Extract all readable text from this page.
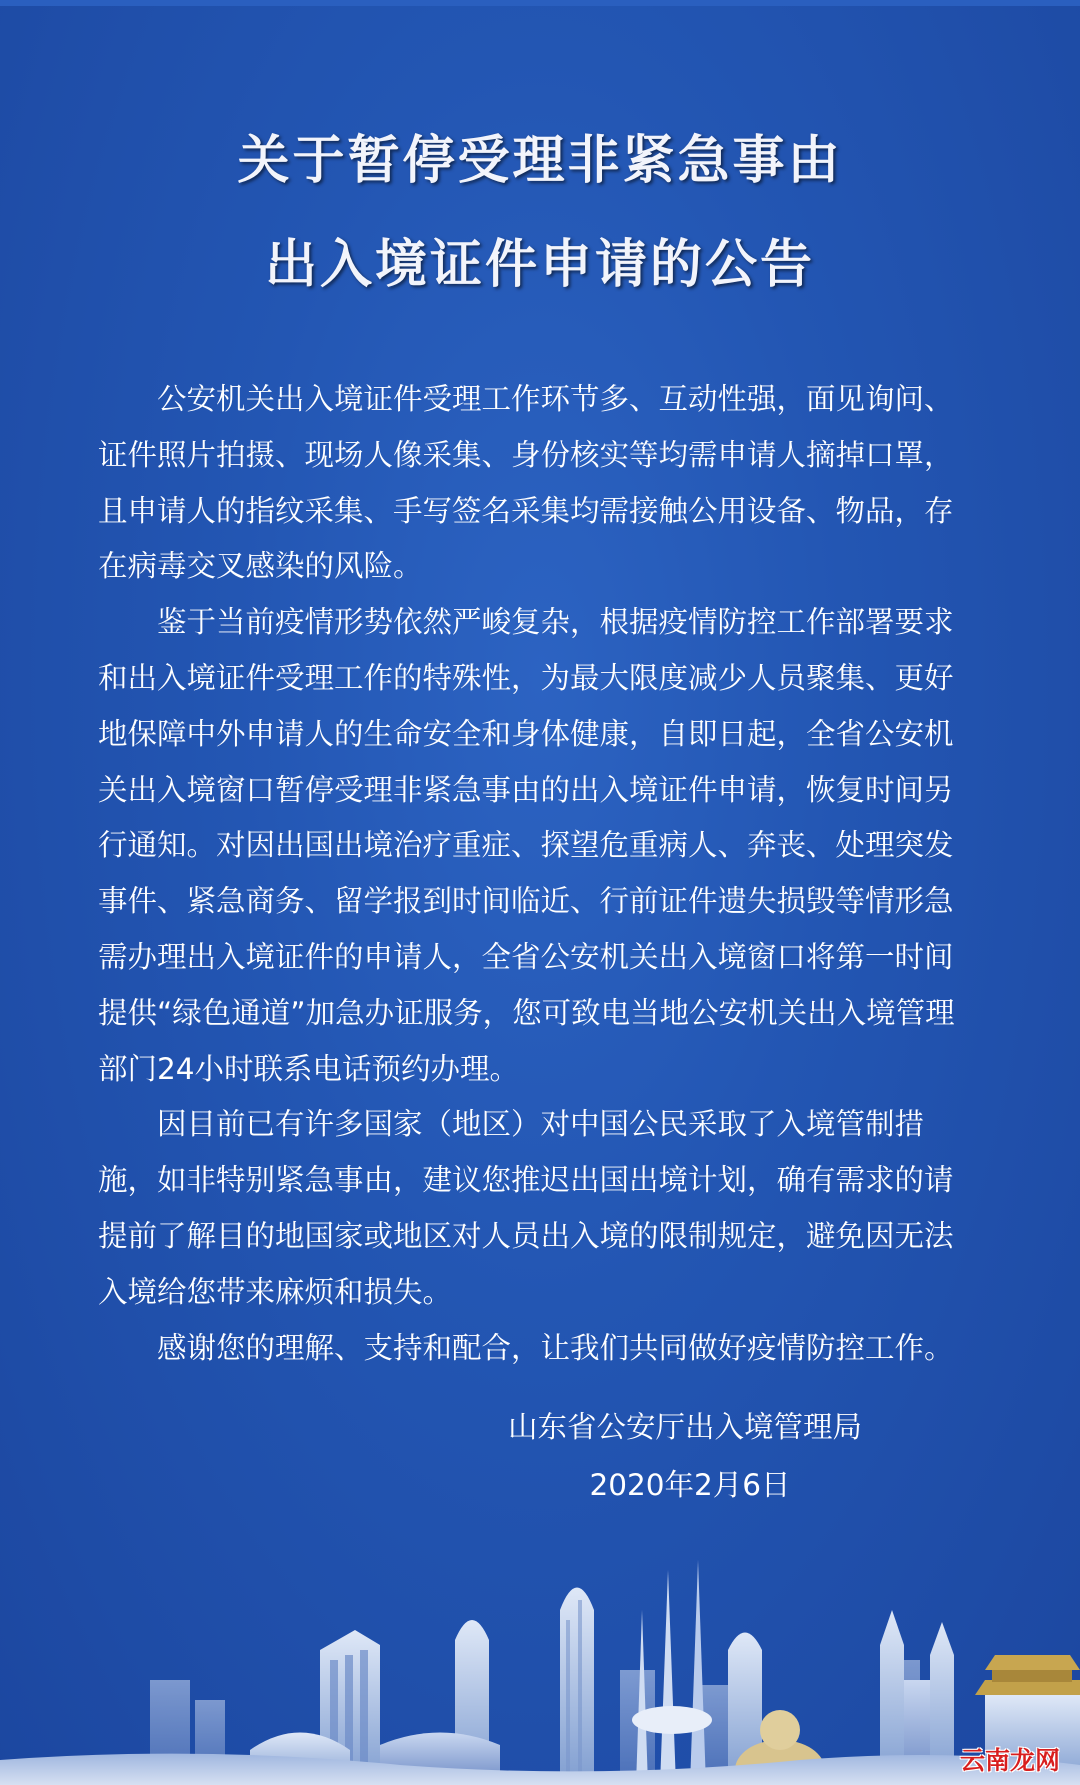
关于暂停受理非紧急事由
出入境证件申请的公告

公安机关出入境证件受理工作环节多、互动性强，面见询问、证件照片拍摄、现场人像采集、身份核实等均需申请人摘掉口罩，且申请人的指纹采集、手写签名采集均需接触公用设备、物品，存在病毒交叉感染的风险。

鉴于当前疫情形势依然严峻复杂，根据疫情防控工作部署要求和出入境证件受理工作的特殊性，为最大限度减少人员聚集、更好地保障中外申请人的生命安全和身体健康，自即日起，全省公安机关出入境窗口暂停受理非紧急事由的出入境证件申请，恢复时间另行通知。对因出国出境治疗重症、探望危重病人、奔丧、处理突发事件、紧急商务、留学报到时间临近、行前证件遗失损毁等情形急需办理出入境证件的申请人，全省公安机关出入境窗口将第一时间提供“绿色通道”加急办证服务，您可致电当地公安机关出入境管理部门24小时联系电话预约办理。

因目前已有许多国家（地区）对中国公民采取了入境管制措施，如非特别紧急事由，建议您推迟出国出境计划，确有需求的请提前了解目的地国家或地区对人员出入境的限制规定，避免因无法入境给您带来麻烦和损失。

感谢您的理解、支持和配合，让我们共同做好疫情防控工作。

山东省公安厅出入境管理局
2020年2月6日
云南龙网
